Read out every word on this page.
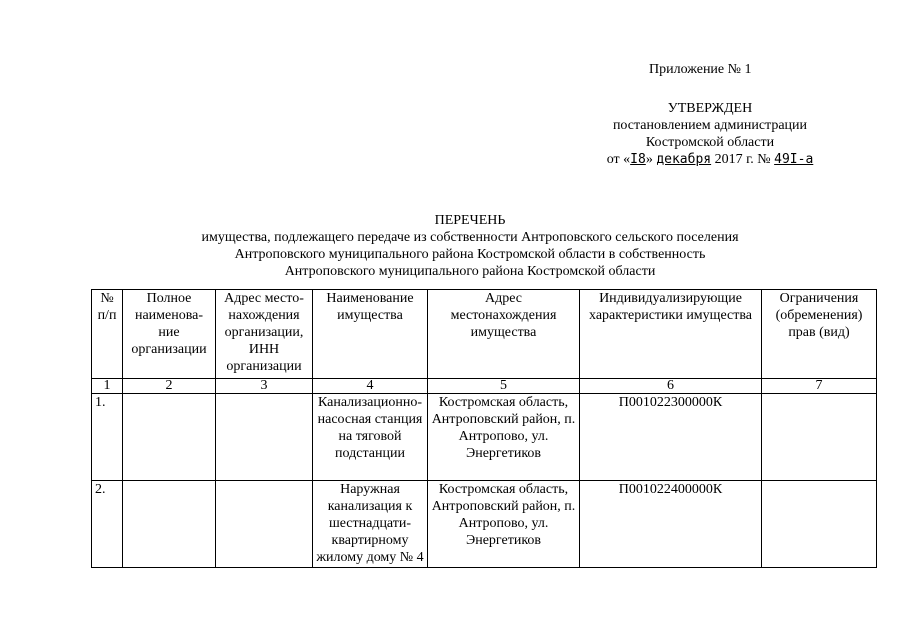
Приложение № 1
УТВЕРЖДЕН
постановлением администрации
Костромской области
от «I8» декабря 2017 г. № 49I-а
ПЕРЕЧЕНЬ
имущества, подлежащего передаче из собственности Антроповского сельского поселения
Антроповского муниципального района Костромской области в собственность
Антроповского муниципального района Костромской области
№ п/п	Полное наименова-ние организации	Адрес место-нахождения организации, ИНН организации	Наименование имущества	Адрес местонахождения имущества	Индивидуализирующие характеристики имущества	Ограничения (обременения) прав (вид)
1	2	3	4	5	6	7
1.			Канализационно-насосная станция на тяговой подстанции	Костромская область, Антроповский район, п. Антропово, ул. Энергетиков	П001022300000К	
2.			Наружная канализация к шестнадцати-квартирному жилому дому № 4	Костромская область, Антроповский район, п. Антропово, ул. Энергетиков	П001022400000К	
